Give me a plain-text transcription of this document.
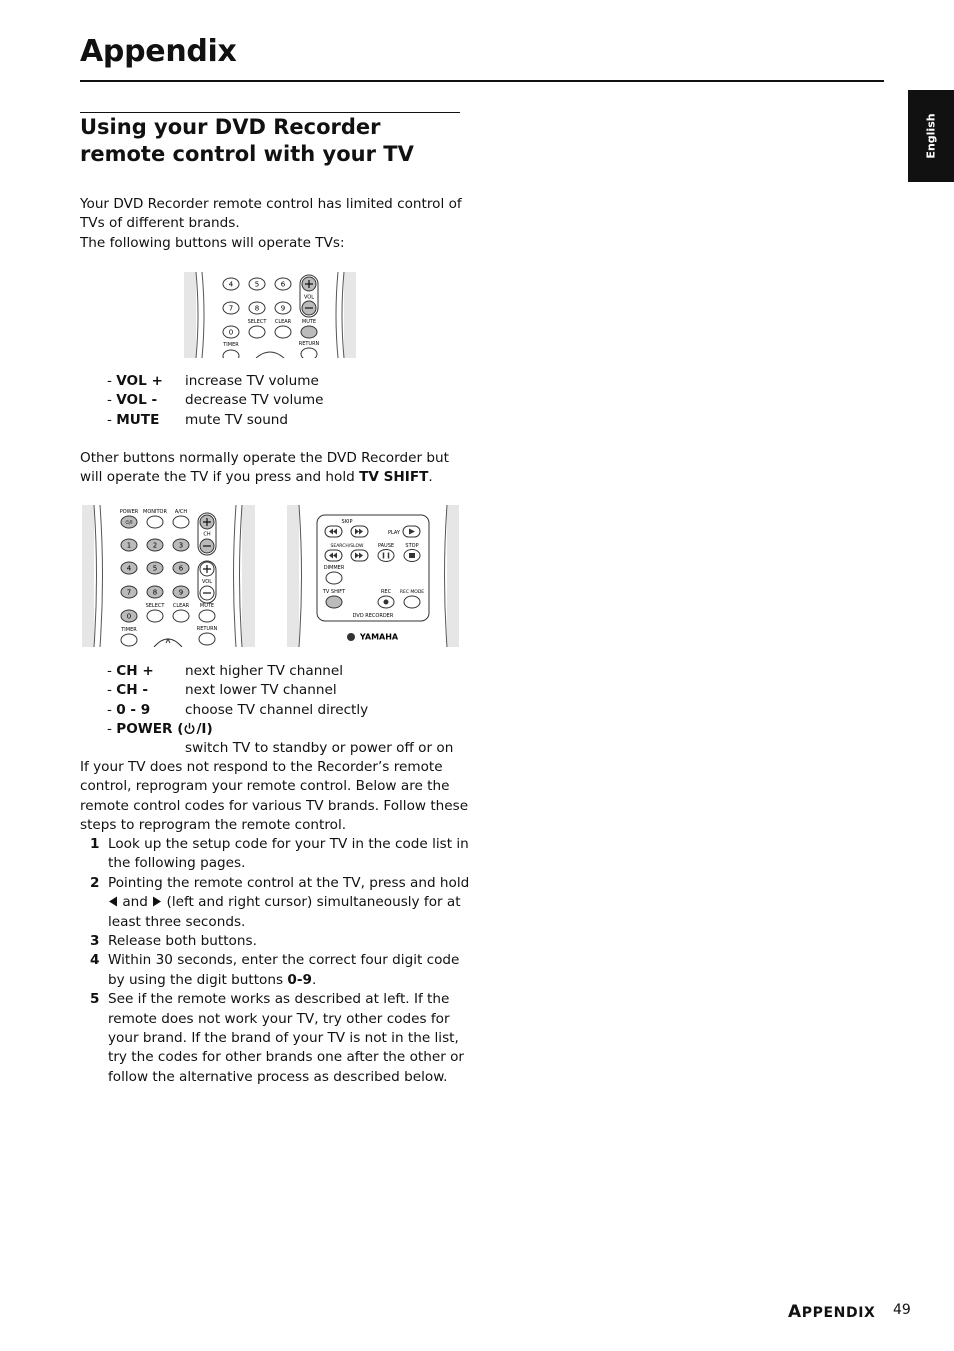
Appendix
English
Using your DVD Recorder
remote control with your TV
Your DVD Recorder remote control has limited control of
TVs of different brands.
The following buttons will operate TVs:
4	5	6
7	8	9
0
VOL
SELECT CLEAR MUTE
TIMER	RETURN
- VOL + increase TV volume
- VOL - decrease TV volume
- MUTE mute TV sound
Other buttons normally operate the DVD Recorder but
will operate the TV if you press and hold TV SHIFT.
POWER MONITOR A/CH
⏻/I
CH
1	2	3
4	5	6
7	8	9
0
VOL
SELECT CLEAR MUTE
TIMER	RETURN
SKIP
PLAY
SEARCH/SLOW	PAUSE STOP
DIMMER
TV SHIFT	REC REC MODE
DVD RECORDER
YAMAHA
- CH + next higher TV channel
- CH -	next lower TV channel
- 0 - 9	choose TV channel directly
- POWER ( /I)
switch TV to standby or power off or on
If your TV does not respond to the Recorder’s remote
control, reprogram your remote control. Below are the
remote control codes for various TV brands. Follow these
steps to reprogram the remote control.
1 Look up the setup code for your TV in the code list in
the following pages.
2 Pointing the remote control at the TV, press and hold
and  (left and right cursor) simultaneously for at
least three seconds.
3 Release both buttons.
4 Within 30 seconds, enter the correct four digit code
by using the digit buttons 0-9.
5 See if the remote works as described at left. If the
remote does not work your TV, try other codes for
your brand. If the brand of your TV is not in the list,
try the codes for other brands one after the other or
follow the alternative process as described below.
APPENDIX 49
